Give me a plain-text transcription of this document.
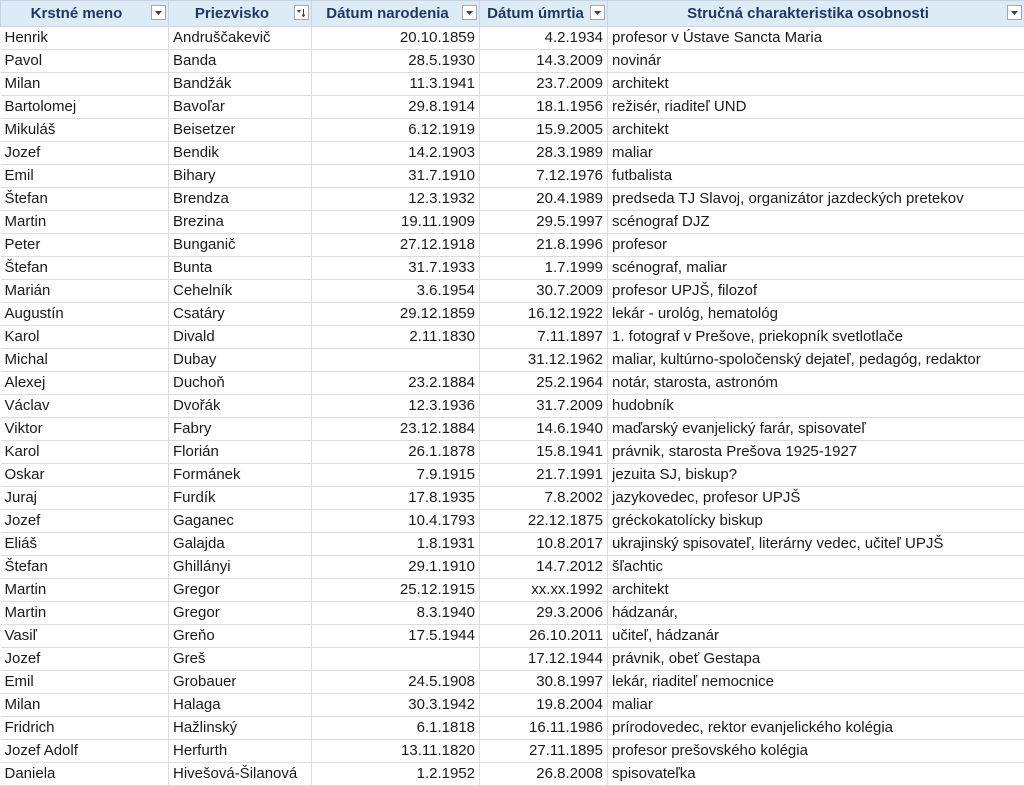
Krstné meno	Priezvisko	Dátum narodenia	Dátum úmrtia	Stručná charakteristika osobnosti

Henrik	Andruščakevič	20.10.1859	4.2.1934	profesor v Ústave Sancta Maria
Pavol	Banda	28.5.1930	14.3.2009	novinár
Milan	Bandžák	11.3.1941	23.7.2009	architekt
Bartolomej	Bavoľar	29.8.1914	18.1.1956	režisér, riaditeľ UND
Mikuláš	Beisetzer	6.12.1919	15.9.2005	architekt
Jozef	Bendik	14.2.1903	28.3.1989	maliar
Emil	Bihary	31.7.1910	7.12.1976	futbalista
Štefan	Brendza	12.3.1932	20.4.1989	predseda TJ Slavoj, organizátor jazdeckých pretekov
Martin	Brezina	19.11.1909	29.5.1997	scénograf DJZ
Peter	Bunganič	27.12.1918	21.8.1996	profesor
Štefan	Bunta	31.7.1933	1.7.1999	scénograf, maliar
Marián	Cehelník	3.6.1954	30.7.2009	profesor UPJŠ, filozof
Augustín	Csatáry	29.12.1859	16.12.1922	lekár - urológ, hematológ
Karol	Divald	2.11.1830	7.11.1897	1. fotograf v Prešove, priekopník svetlotlače
Michal	Dubay		31.12.1962	maliar, kultúrno-spoločenský dejateľ, pedagóg, redaktor
Alexej	Duchoň	23.2.1884	25.2.1964	notár, starosta, astronóm
Václav	Dvořák	12.3.1936	31.7.2009	hudobník
Viktor	Fabry	23.12.1884	14.6.1940	maďarský evanjelický farár, spisovateľ
Karol	Florián	26.1.1878	15.8.1941	právnik, starosta Prešova 1925-1927
Oskar	Formánek	7.9.1915	21.7.1991	jezuita SJ, biskup?
Juraj	Furdík	17.8.1935	7.8.2002	jazykovedec, profesor UPJŠ
Jozef	Gaganec	10.4.1793	22.12.1875	gréckokatolícky biskup
Eliáš	Galajda	1.8.1931	10.8.2017	ukrajinský spisovateľ, literárny vedec, učiteľ UPJŠ
Štefan	Ghillányi	29.1.1910	14.7.2012	šľachtic
Martin	Gregor	25.12.1915	xx.xx.1992	architekt
Martin	Gregor	8.3.1940	29.3.2006	hádzanár,
Vasiľ	Greňo	17.5.1944	26.10.2011	učiteľ, hádzanár
Jozef	Greš		17.12.1944	právnik, obeť Gestapa
Emil	Grobauer	24.5.1908	30.8.1997	lekár, riaditeľ nemocnice
Milan	Halaga	30.3.1942	19.8.2004	maliar
Fridrich	Hažlinský	6.1.1818	16.11.1986	prírodovedec, rektor evanjelického kolégia
Jozef Adolf	Herfurth	13.11.1820	27.11.1895	profesor prešovského kolégia
Daniela	Hivešová-Šilanová	1.2.1952	26.8.2008	spisovateľka
